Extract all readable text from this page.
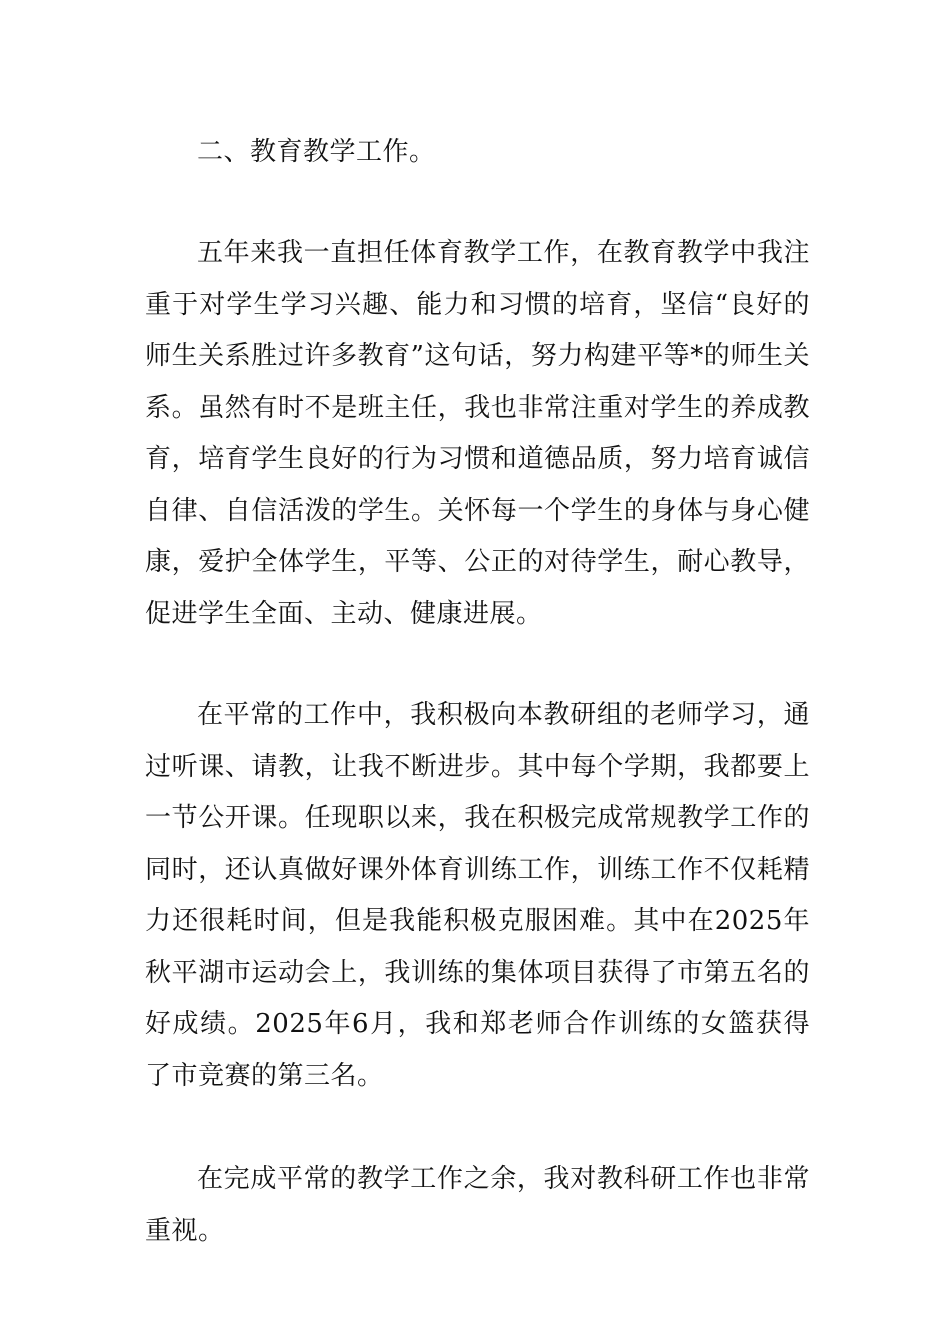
二、教育教学工作。

五年来我一直担任体育教学工作，在教育教学中我注重于对学生学习兴趣、能力和习惯的培育，坚信“良好的师生关系胜过许多教育”这句话，努力构建平等*的师生关系。虽然有时不是班主任，我也非常注重对学生的养成教育，培育学生良好的行为习惯和道德品质，努力培育诚信自律、自信活泼的学生。关怀每一个学生的身体与身心健康，爱护全体学生，平等、公正的对待学生，耐心教导，促进学生全面、主动、健康进展。

在平常的工作中，我积极向本教研组的老师学习，通过听课、请教，让我不断进步。其中每个学期，我都要上一节公开课。任现职以来，我在积极完成常规教学工作的同时，还认真做好课外体育训练工作，训练工作不仅耗精力还很耗时间，但是我能积极克服困难。其中在2025年秋平湖市运动会上，我训练的集体项目获得了市第五名的好成绩。2025年6月，我和郑老师合作训练的女篮获得了市竞赛的第三名。

在完成平常的教学工作之余，我对教科研工作也非常重视。
